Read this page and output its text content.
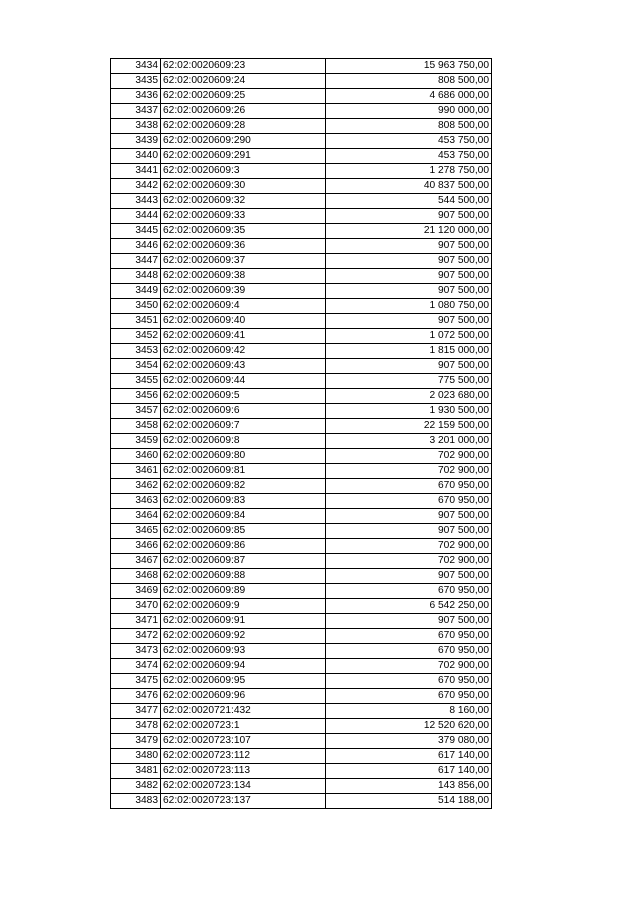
3434	62:02:0020609:23	15 963 750,00
3435	62:02:0020609:24	808 500,00
3436	62:02:0020609:25	4 686 000,00
3437	62:02:0020609:26	990 000,00
3438	62:02:0020609:28	808 500,00
3439	62:02:0020609:290	453 750,00
3440	62:02:0020609:291	453 750,00
3441	62:02:0020609:3	1 278 750,00
3442	62:02:0020609:30	40 837 500,00
3443	62:02:0020609:32	544 500,00
3444	62:02:0020609:33	907 500,00
3445	62:02:0020609:35	21 120 000,00
3446	62:02:0020609:36	907 500,00
3447	62:02:0020609:37	907 500,00
3448	62:02:0020609:38	907 500,00
3449	62:02:0020609:39	907 500,00
3450	62:02:0020609:4	1 080 750,00
3451	62:02:0020609:40	907 500,00
3452	62:02:0020609:41	1 072 500,00
3453	62:02:0020609:42	1 815 000,00
3454	62:02:0020609:43	907 500,00
3455	62:02:0020609:44	775 500,00
3456	62:02:0020609:5	2 023 680,00
3457	62:02:0020609:6	1 930 500,00
3458	62:02:0020609:7	22 159 500,00
3459	62:02:0020609:8	3 201 000,00
3460	62:02:0020609:80	702 900,00
3461	62:02:0020609:81	702 900,00
3462	62:02:0020609:82	670 950,00
3463	62:02:0020609:83	670 950,00
3464	62:02:0020609:84	907 500,00
3465	62:02:0020609:85	907 500,00
3466	62:02:0020609:86	702 900,00
3467	62:02:0020609:87	702 900,00
3468	62:02:0020609:88	907 500,00
3469	62:02:0020609:89	670 950,00
3470	62:02:0020609:9	6 542 250,00
3471	62:02:0020609:91	907 500,00
3472	62:02:0020609:92	670 950,00
3473	62:02:0020609:93	670 950,00
3474	62:02:0020609:94	702 900,00
3475	62:02:0020609:95	670 950,00
3476	62:02:0020609:96	670 950,00
3477	62:02:0020721:432	8 160,00
3478	62:02:0020723:1	12 520 620,00
3479	62:02:0020723:107	379 080,00
3480	62:02:0020723:112	617 140,00
3481	62:02:0020723:113	617 140,00
3482	62:02:0020723:134	143 856,00
3483	62:02:0020723:137	514 188,00
